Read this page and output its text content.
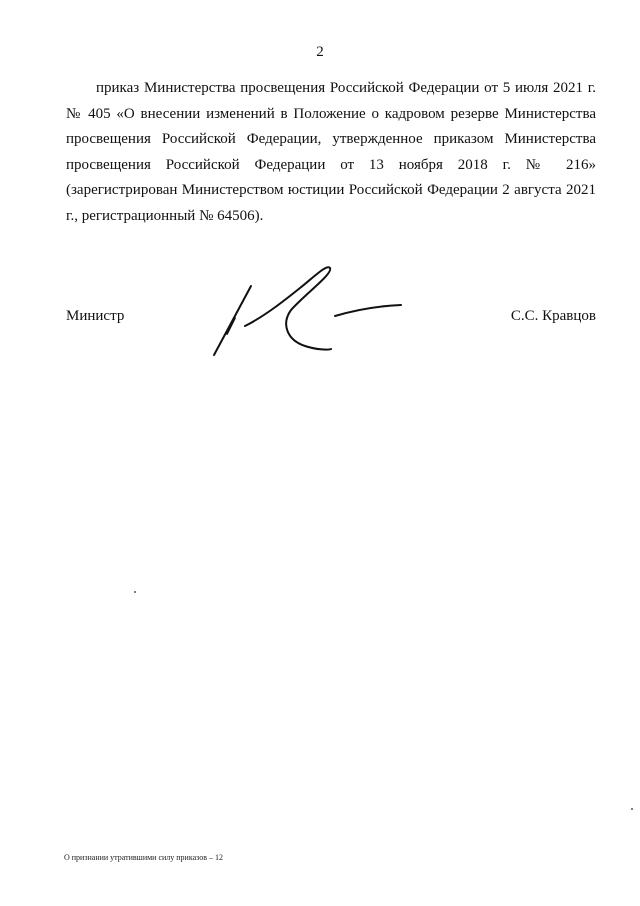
2

приказ Министерства просвещения Российской Федерации от 5 июля 2021 г. № 405 «О внесении изменений в Положение о кадровом резерве Министерства просвещения Российской Федерации, утвержденное приказом Министерства просвещения Российской Федерации от 13 ноября 2018 г. № 216» (зарегистрирован Министерством юстиции Российской Федерации 2 августа 2021 г., регистрационный № 64506).

Министр	С.С. Кравцов
О признании утратившими силу приказов – 12
